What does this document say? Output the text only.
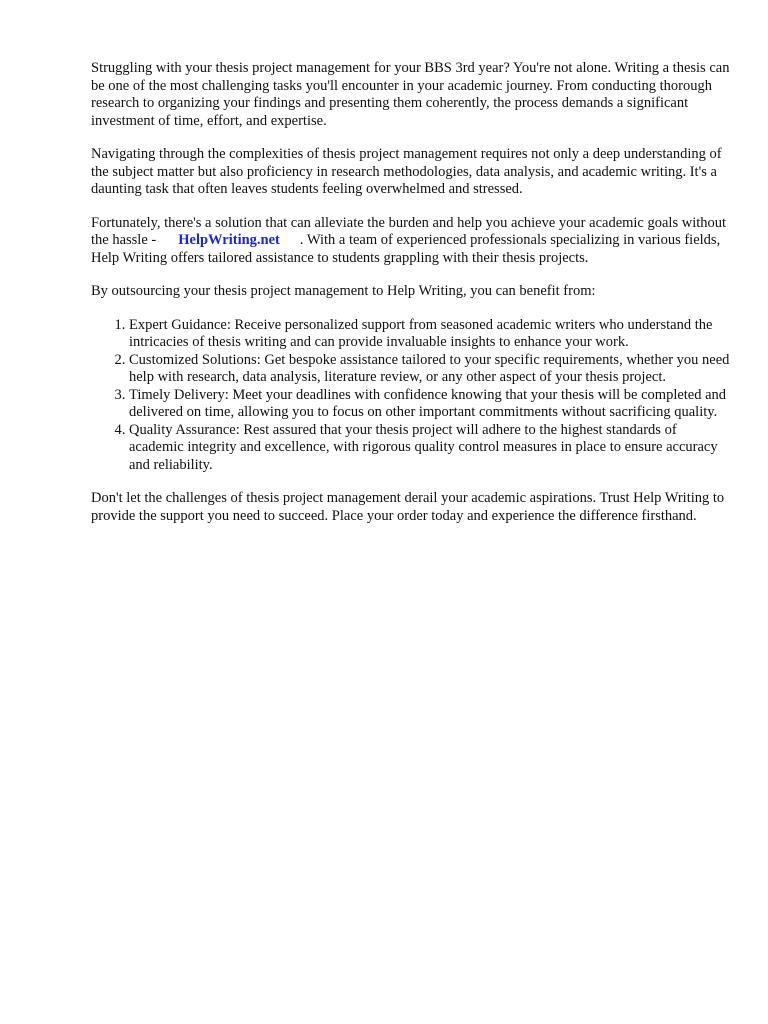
Struggling with your thesis project management for your BBS 3rd year? You're not alone. Writing a thesis can be one of the most challenging tasks you'll encounter in your academic journey. From conducting thorough research to organizing your findings and presenting them coherently, the process demands a significant investment of time, effort, and expertise.

Navigating through the complexities of thesis project management requires not only a deep understanding of the subject matter but also proficiency in research methodologies, data analysis, and academic writing. It's a daunting task that often leaves students feeling overwhelmed and stressed.

Fortunately, there's a solution that can alleviate the burden and help you achieve your academic goals without the hassle - HelpWriting.net . With a team of experienced professionals specializing in various fields, Help Writing offers tailored assistance to students grappling with their thesis projects.

By outsourcing your thesis project management to Help Writing, you can benefit from:

1. Expert Guidance: Receive personalized support from seasoned academic writers who understand the intricacies of thesis writing and can provide invaluable insights to enhance your work.
2. Customized Solutions: Get bespoke assistance tailored to your specific requirements, whether you need help with research, data analysis, literature review, or any other aspect of your thesis project.
3. Timely Delivery: Meet your deadlines with confidence knowing that your thesis will be completed and delivered on time, allowing you to focus on other important commitments without sacrificing quality.
4. Quality Assurance: Rest assured that your thesis project will adhere to the highest standards of academic integrity and excellence, with rigorous quality control measures in place to ensure accuracy and reliability.

Don't let the challenges of thesis project management derail your academic aspirations. Trust Help Writing to provide the support you need to succeed. Place your order today and experience the difference firsthand.
